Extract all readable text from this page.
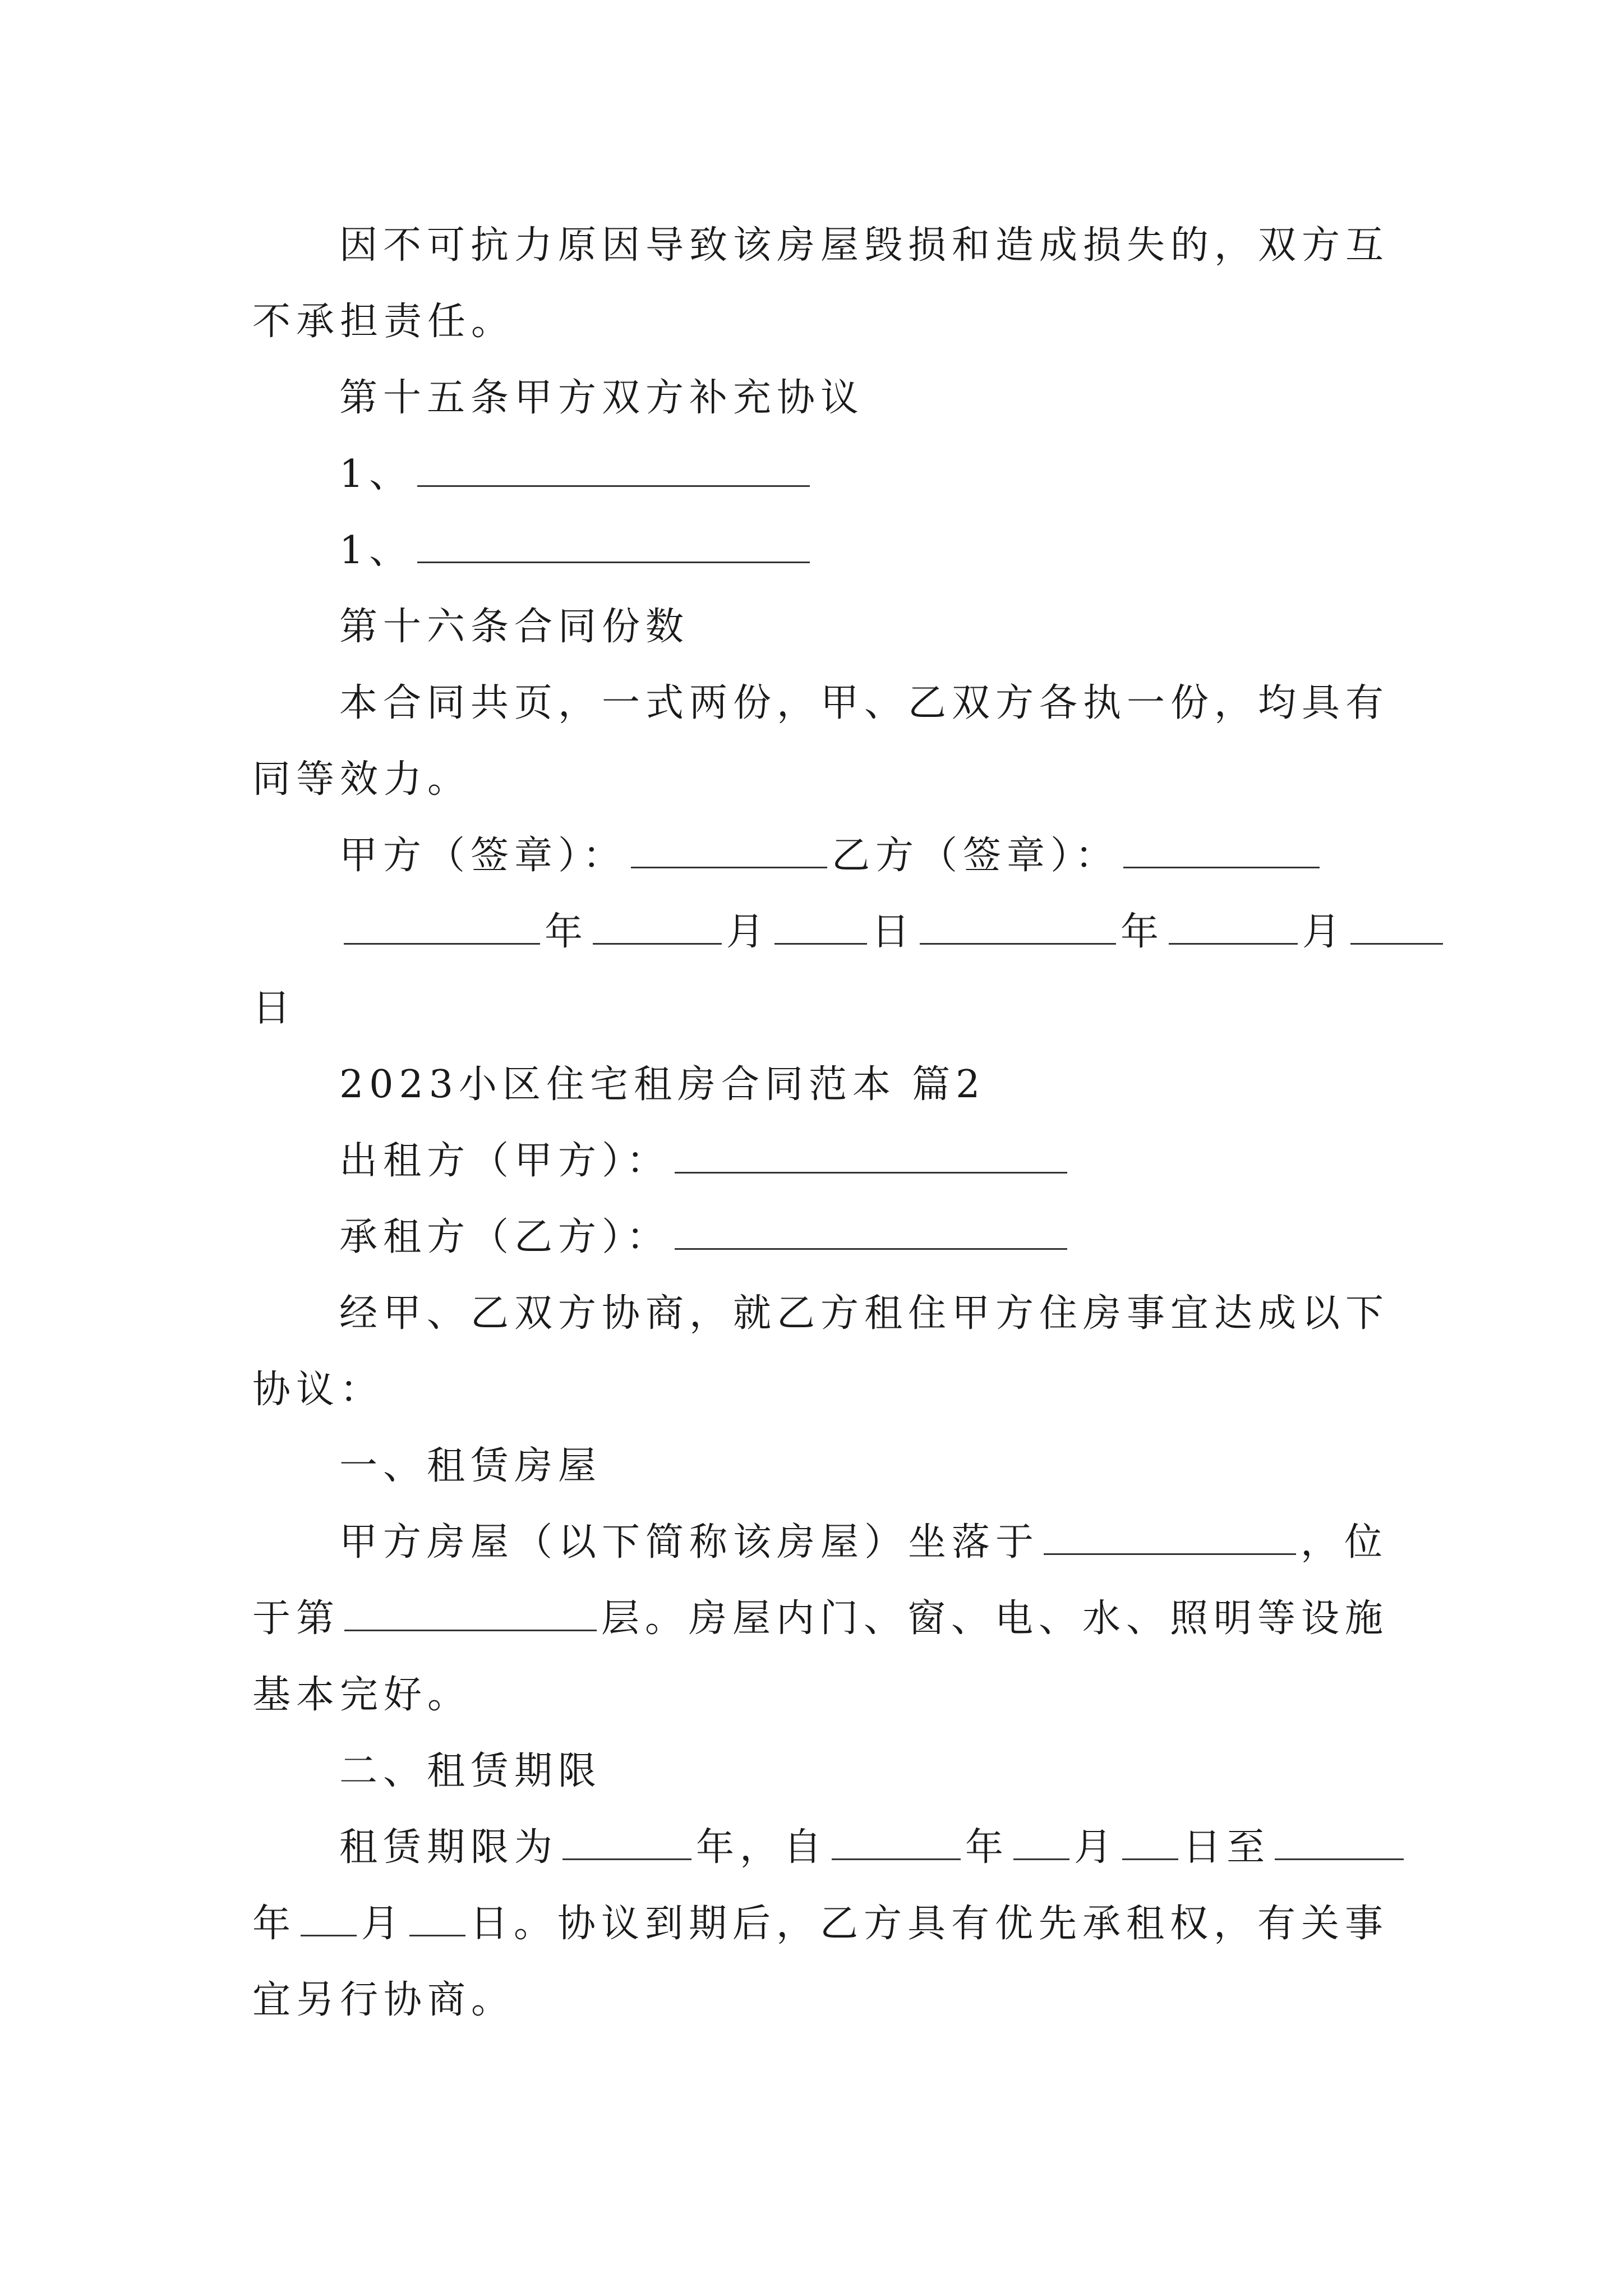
因不可抗力原因导致该房屋毁损和造成损失的，双方互
不承担责任。
第十五条甲方双方补充协议
1、
1、
第十六条合同份数
本合同共页，一式两份，甲、乙双方各执一份，均具有
同等效力。
甲方（签章）：	乙方（签章）：
年	月	日	年	月
日
2023小区住宅租房合同范本 篇2
出租方（甲方）：
承租方（乙方）：
经甲、乙双方协商，就乙方租住甲方住房事宜达成以下
协议：
一、租赁房屋
甲方房屋（以下简称该房屋）坐落于	，位
于第	层。房屋内门、窗、电、水、照明等设施
基本完好。
二、租赁期限
租赁期限为	年，自	年 月 日至
年 月 日。协议到期后，乙方具有优先承租权，有关事
宜另行协商。
